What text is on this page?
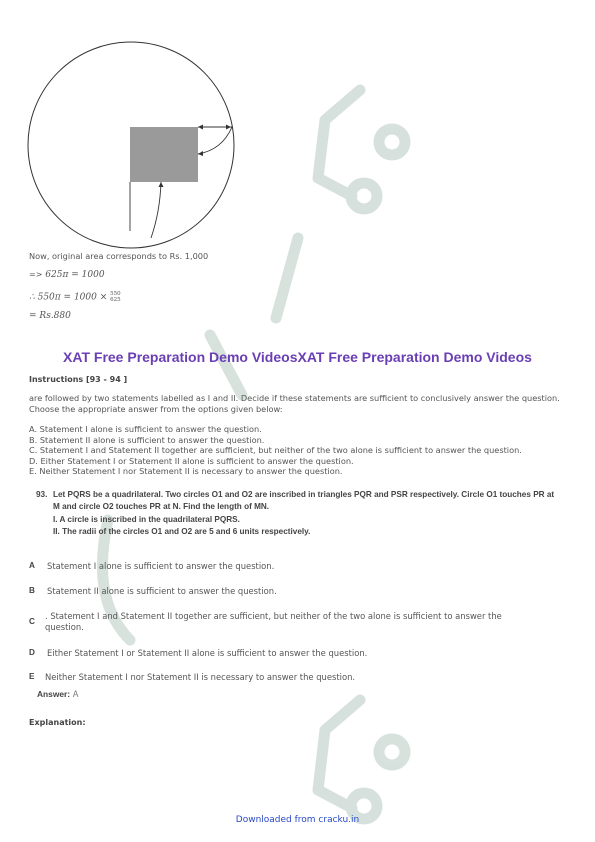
Now, original area corresponds to Rs. 1,000
=> 625π = 1000
∴ 550π = 1000 × 550
625
= Rs.880
XAT Free Preparation Demo VideosXAT Free Preparation Demo Videos
Instructions [93 - 94 ]
are followed by two statements labelled as I and II. Decide if these statements are sufficient to conclusively answer the question.
Choose the appropriate answer from the options given below:
A. Statement I alone is sufficient to answer the question.
B. Statement II alone is sufficient to answer the question.
C. Statement I and Statement II together are sufficient, but neither of the two alone is sufficient to answer the question.
D. Either Statement I or Statement II alone is sufficient to answer the question.
E. Neither Statement I nor Statement II is necessary to answer the question.
93. Let PQRS be a quadrilateral. Two circles O1 and O2 are inscribed in triangles PQR and PSR respectively. Circle O1 touches PR at
M and circle O2 touches PR at N. Find the length of MN.
I. A circle is inscribed in the quadrilateral PQRS.
II. The radii of the circles O1 and O2 are 5 and 6 units respectively.
A Statement I alone is sufficient to answer the question.
B Statement II alone is sufficient to answer the question.
C
. Statement I and Statement II together are sufficient, but neither of the two alone is sufficient to answer the
question.
D Either Statement I or Statement II alone is sufficient to answer the question.
E Neither Statement I nor Statement II is necessary to answer the question.
Answer: A
Explanation:
Downloaded from cracku.in
